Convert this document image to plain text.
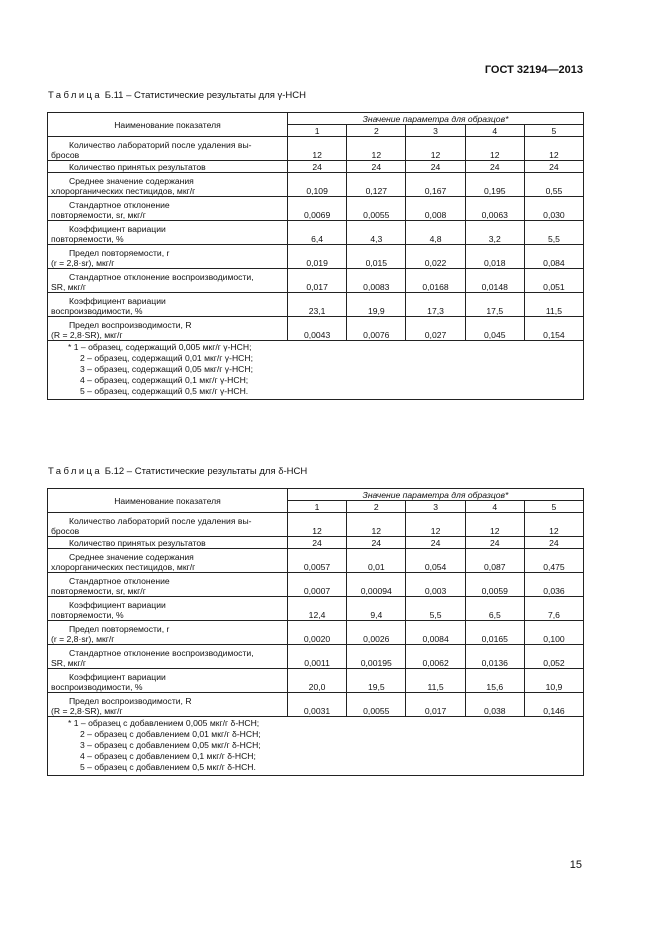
ГОСТ 32194—2013
Таблица Б.11 – Статистические результаты для γ-НСН
Наименование показателя	Значение параметра для образцов*				
	1	2	3	4	5

Количество лабораторий после удаления вы-
бросов	12	12	12	12	12

Количество принятых результатов	24	24	24	24	24

Среднее значение содержания
хлорорганических пестицидов, мкг/г	0,109	0,127	0,167	0,195	0,55

Стандартное отклонение
повторяемости, sr, мкг/г	0,0069	0,0055	0,008	0,0063	0,030

Коэффициент вариации
повторяемости, %	6,4	4,3	4,8	3,2	5,5

Предел повторяемости, r
(r = 2,8·sr), мкг/г	0,019	0,015	0,022	0,018	0,084

Стандартное отклонение воспроизводимости,
SR, мкг/г	0,017	0,0083	0,0168	0,0148	0,051

Коэффициент вариации
воспроизводимости, %	23,1	19,9	17,3	17,5	11,5

Предел воспроизводимости, R
(R = 2,8·SR), мкг/г	0,0043	0,0076	0,027	0,045	0,154

* 1 – образец, содержащий 0,005 мкг/г γ-НСН;
2 – образец, содержащий 0,01 мкг/г γ-НСН;
3 – образец, содержащий 0,05 мкг/г γ-НСН;
4 – образец, содержащий 0,1 мкг/г γ-НСН;
5 – образец, содержащий 0,5 мкг/г γ-НСН.					
Таблица Б.12 – Статистические результаты для δ-НСН
Наименование показателя	Значение параметра для образцов*				
	1	2	3	4	5

Количество лабораторий после удаления вы-
бросов	12	12	12	12	12

Количество принятых результатов	24	24	24	24	24

Среднее значение содержания
хлорорганических пестицидов, мкг/г	0,0057	0,01	0,054	0,087	0,475

Стандартное отклонение
повторяемости, sr, мкг/г	0,0007	0,00094	0,003	0,0059	0,036

Коэффициент вариации
повторяемости, %	12,4	9,4	5,5	6,5	7,6

Предел повторяемости, r
(r = 2,8·sr), мкг/г	0,0020	0,0026	0,0084	0,0165	0,100

Стандартное отклонение воспроизводимости,
SR, мкг/г	0,0011	0,00195	0,0062	0,0136	0,052

Коэффициент вариации
воспроизводимости, %	20,0	19,5	11,5	15,6	10,9

Предел воспроизводимости, R
(R = 2,8·SR), мкг/г	0,0031	0,0055	0,017	0,038	0,146

* 1 – образец с добавлением 0,005 мкг/г δ-НСН;
2 – образец с добавлением 0,01 мкг/г δ-НСН;
3 – образец с добавлением 0,05 мкг/г δ-НСН;
4 – образец с добавлением 0,1 мкг/г δ-НСН;
5 – образец с добавлением 0,5 мкг/г δ-НСН.					
15
